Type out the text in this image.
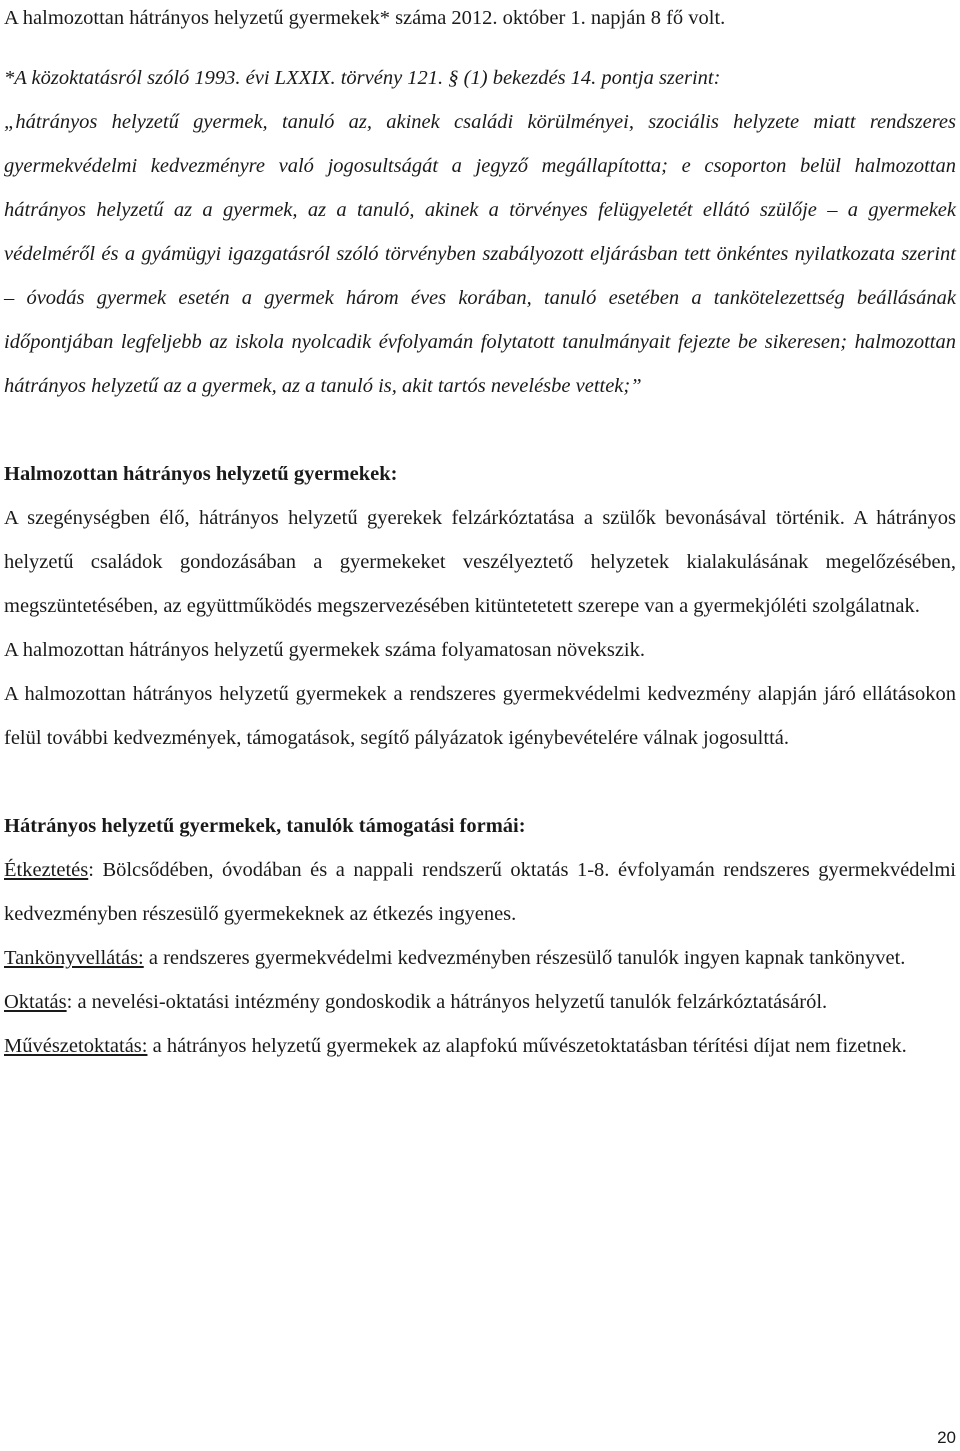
A halmozottan hátrányos helyzetű gyermekek* száma 2012. október 1. napján 8 fő volt.

*A közoktatásról szóló 1993. évi LXXIX. törvény 121. § (1) bekezdés 14. pontja szerint:

„hátrányos helyzetű gyermek, tanuló az, akinek családi körülményei, szociális helyzete miatt rendszeres gyermekvédelmi kedvezményre való jogosultságát a jegyző megállapította; e csoporton belül halmozottan hátrányos helyzetű az a gyermek, az a tanuló, akinek a törvényes felügyeletét ellátó szülője – a gyermekek védelméről és a gyámügyi igazgatásról szóló törvényben szabályozott eljárásban tett önkéntes nyilatkozata szerint – óvodás gyermek esetén a gyermek három éves korában, tanuló esetében a tankötelezettség beállásának időpontjában legfeljebb az iskola nyolcadik évfolyamán folytatott tanulmányait fejezte be sikeresen; halmozottan hátrányos helyzetű az a gyermek, az a tanuló is, akit tartós nevelésbe vettek;”

Halmozottan hátrányos helyzetű gyermekek:

A szegénységben élő, hátrányos helyzetű gyerekek felzárkóztatása a szülők bevonásával történik. A hátrányos helyzetű családok gondozásában a gyermekeket veszélyeztető helyzetek kialakulásának megelőzésében, megszüntetésében, az együttműködés megszervezésében kitüntetetett szerepe van a gyermekjóléti szolgálatnak.

A halmozottan hátrányos helyzetű gyermekek száma folyamatosan növekszik.

A halmozottan hátrányos helyzetű gyermekek a rendszeres gyermekvédelmi kedvezmény alapján járó ellátásokon felül további kedvezmények, támogatások, segítő pályázatok igénybevételére válnak jogosulttá.

Hátrányos helyzetű gyermekek, tanulók támogatási formái:

Étkeztetés: Bölcsődében, óvodában és a nappali rendszerű oktatás 1-8. évfolyamán rendszeres gyermekvédelmi kedvezményben részesülő gyermekeknek az étkezés ingyenes.

Tankönyvellátás: a rendszeres gyermekvédelmi kedvezményben részesülő tanulók ingyen kapnak tankönyvet.

Oktatás: a nevelési-oktatási intézmény gondoskodik a hátrányos helyzetű tanulók felzárkóztatásáról.

Művészetoktatás: a hátrányos helyzetű gyermekek az alapfokú művészetoktatásban térítési díjat nem fizetnek.

20
